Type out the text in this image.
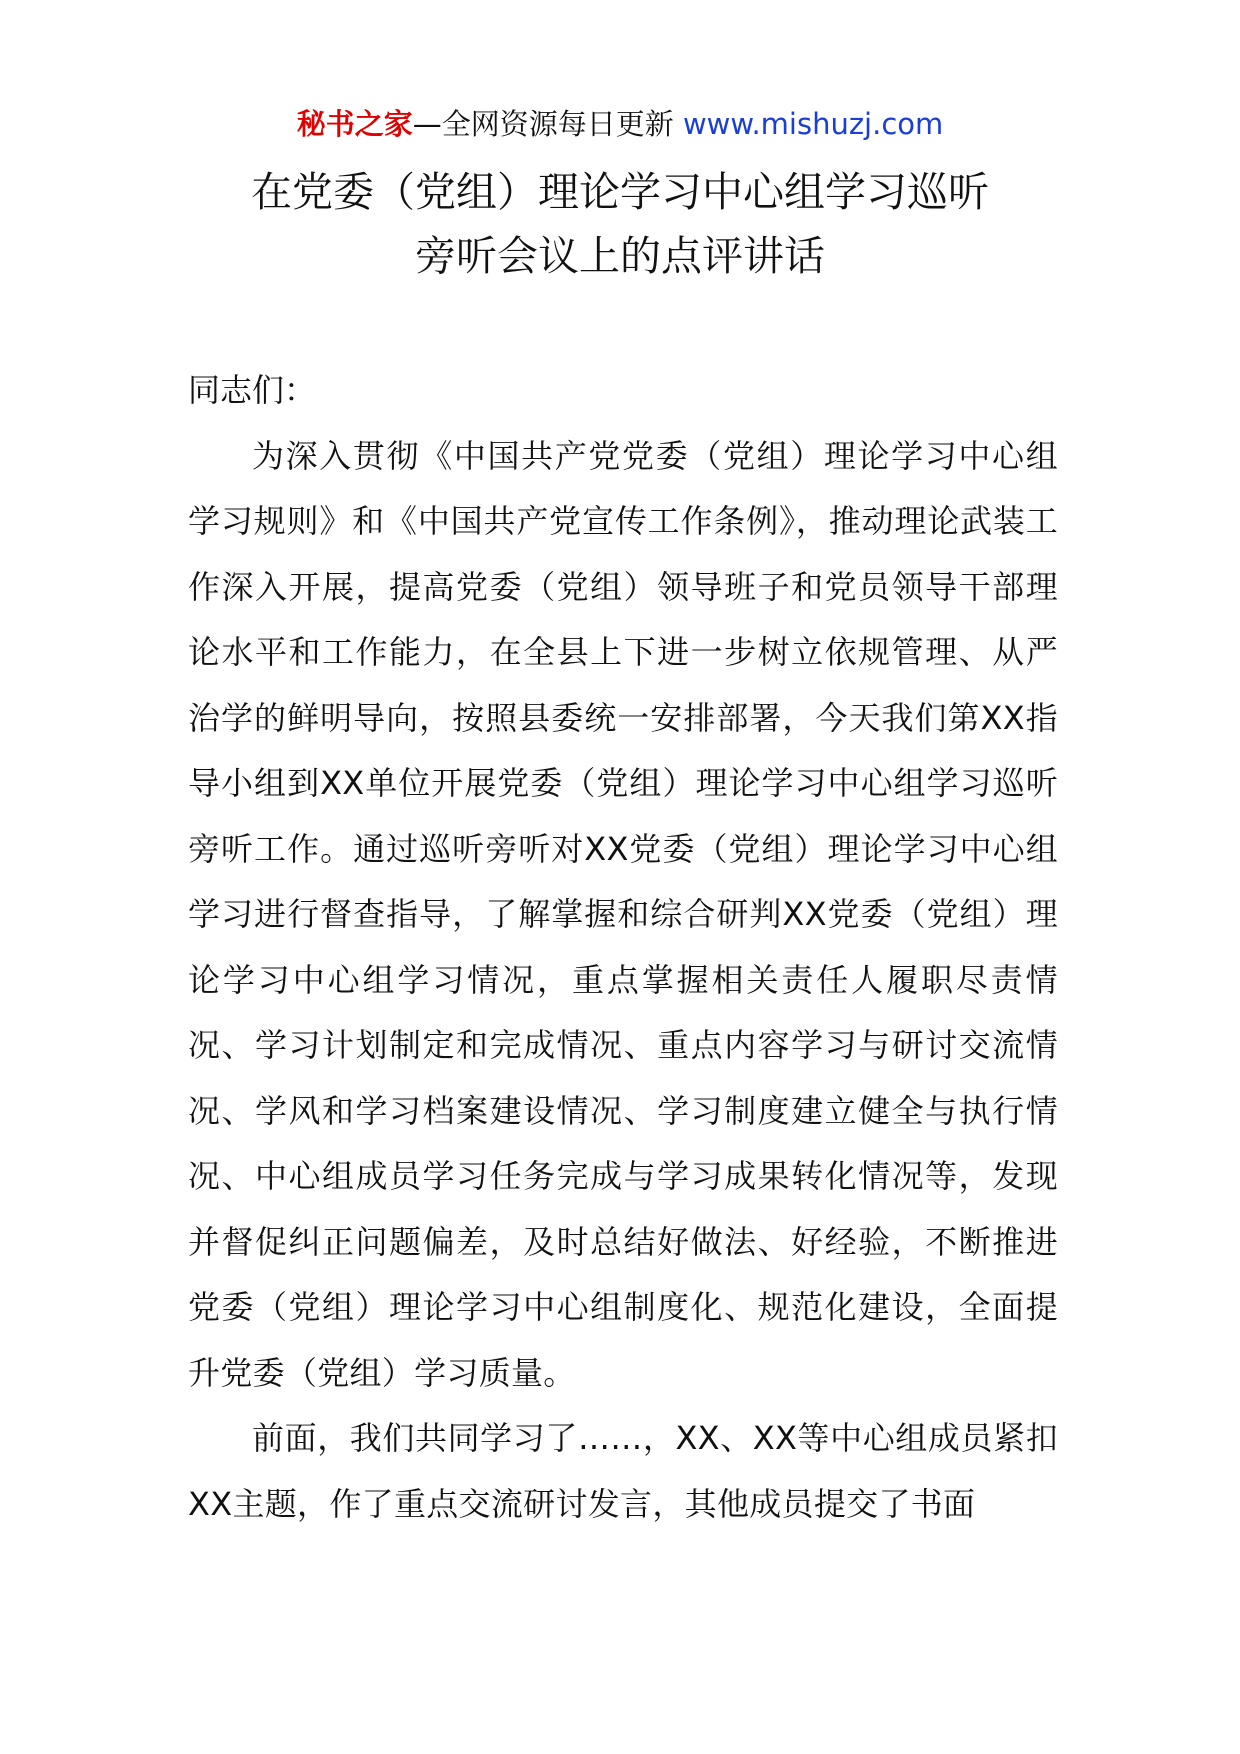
秘书之家—全网资源每日更新 www.mishuzj.com
在党委（党组）理论学习中心组学习巡听
旁听会议上的点评讲话
同志们：

为深入贯彻《中国共产党党委（党组）理论学习中心组学习规则》和《中国共产党宣传工作条例》，推动理论武装工作深入开展，提高党委（党组）领导班子和党员领导干部理论水平和工作能力，在全县上下进一步树立依规管理、从严治学的鲜明导向，按照县委统一安排部署，今天我们第XX指导小组到XX单位开展党委（党组）理论学习中心组学习巡听旁听工作。通过巡听旁听对XX党委（党组）理论学习中心组学习进行督查指导，了解掌握和综合研判XX党委（党组）理论学习中心组学习情况，重点掌握相关责任人履职尽责情况、学习计划制定和完成情况、重点内容学习与研讨交流情况、学风和学习档案建设情况、学习制度建立健全与执行情况、中心组成员学习任务完成与学习成果转化情况等，发现并督促纠正问题偏差，及时总结好做法、好经验，不断推进党委（党组）理论学习中心组制度化、规范化建设，全面提升党委（党组）学习质量。

前面，我们共同学习了……，XX、XX等中心组成员紧扣XX主题，作了重点交流研讨发言，其他成员提交了书面
